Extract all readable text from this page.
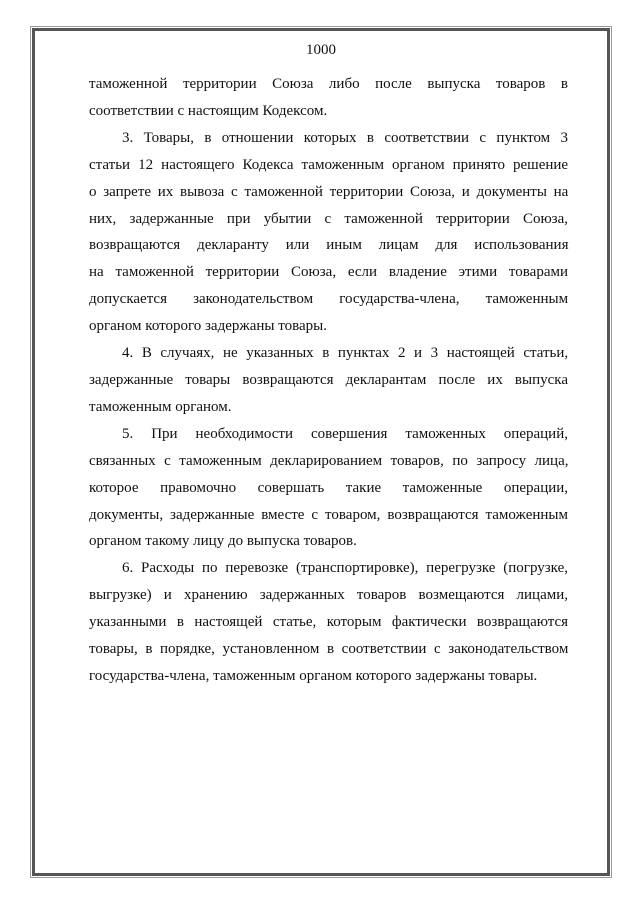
1000

таможенной территории Союза либо после выпуска товаров в
соответствии с настоящим Кодексом.

3. Товары, в отношении которых в соответствии с пунктом 3
статьи 12 настоящего Кодекса таможенным органом принято решение
о запрете их вывоза с таможенной территории Союза, и документы на
них, задержанные при убытии с таможенной территории Союза,
возвращаются декларанту или иным лицам для использования
на таможенной территории Союза, если владение этими товарами
допускается законодательством государства-члена, таможенным
органом которого задержаны товары.

4. В случаях, не указанных в пунктах 2 и 3 настоящей статьи,
задержанные товары возвращаются декларантам после их выпуска
таможенным органом.

5. При необходимости совершения таможенных операций,
связанных с таможенным декларированием товаров, по запросу лица,
которое правомочно совершать такие таможенные операции,
документы, задержанные вместе с товаром, возвращаются таможенным
органом такому лицу до выпуска товаров.

6. Расходы по перевозке (транспортировке), перегрузке (погрузке,
выгрузке) и хранению задержанных товаров возмещаются лицами,
указанными в настоящей статье, которым фактически возвращаются
товары, в порядке, установленном в соответствии с законодательством
государства-члена, таможенным органом которого задержаны товары.
